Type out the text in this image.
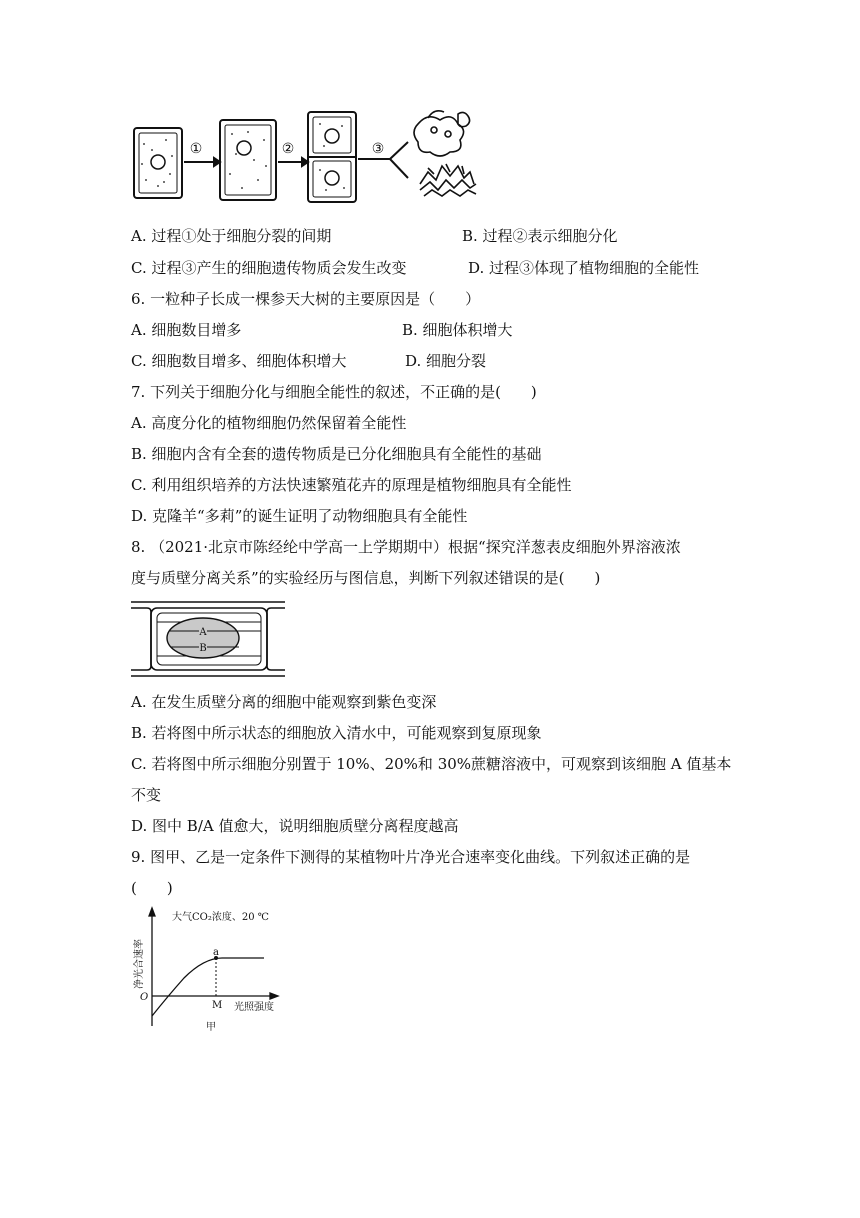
①	②	③
A. 过程①处于细胞分裂的间期	B. 过程②表示细胞分化
C. 过程③产生的细胞遗传物质会发生改变	D. 过程③体现了植物细胞的全能性
6. 一粒种子长成一棵参天大树的主要原因是（　　）
A. 细胞数目增多	B. 细胞体积增大
C. 细胞数目增多、细胞体积增大	D. 细胞分裂
7. 下列关于细胞分化与细胞全能性的叙述，不正确的是(　　)
A. 高度分化的植物细胞仍然保留着全能性
B. 细胞内含有全套的遗传物质是已分化细胞具有全能性的基础
C. 利用组织培养的方法快速繁殖花卉的原理是植物细胞具有全能性
D. 克隆羊“多莉”的诞生证明了动物细胞具有全能性
8. （2021·北京市陈经纶中学高一上学期期中）根据“探究洋葱表皮细胞外界溶液浓
度与质壁分离关系”的实验经历与图信息，判断下列叙述错误的是(　　)
A
B
A. 在发生质壁分离的细胞中能观察到紫色变深
B. 若将图中所示状态的细胞放入清水中，可能观察到复原现象
C. 若将图中所示细胞分别置于 10%、20%和 30%蔗糖溶液中，可观察到该细胞 A 值基本
不变
D. 图中 B/A 值愈大，说明细胞质壁分离程度越高
9. 图甲、乙是一定条件下测得的某植物叶片净光合速率变化曲线。下列叙述正确的是
(　　)
大气CO₂浓度、20 ℃
a
O
M 光照强度
甲
净光合速率
